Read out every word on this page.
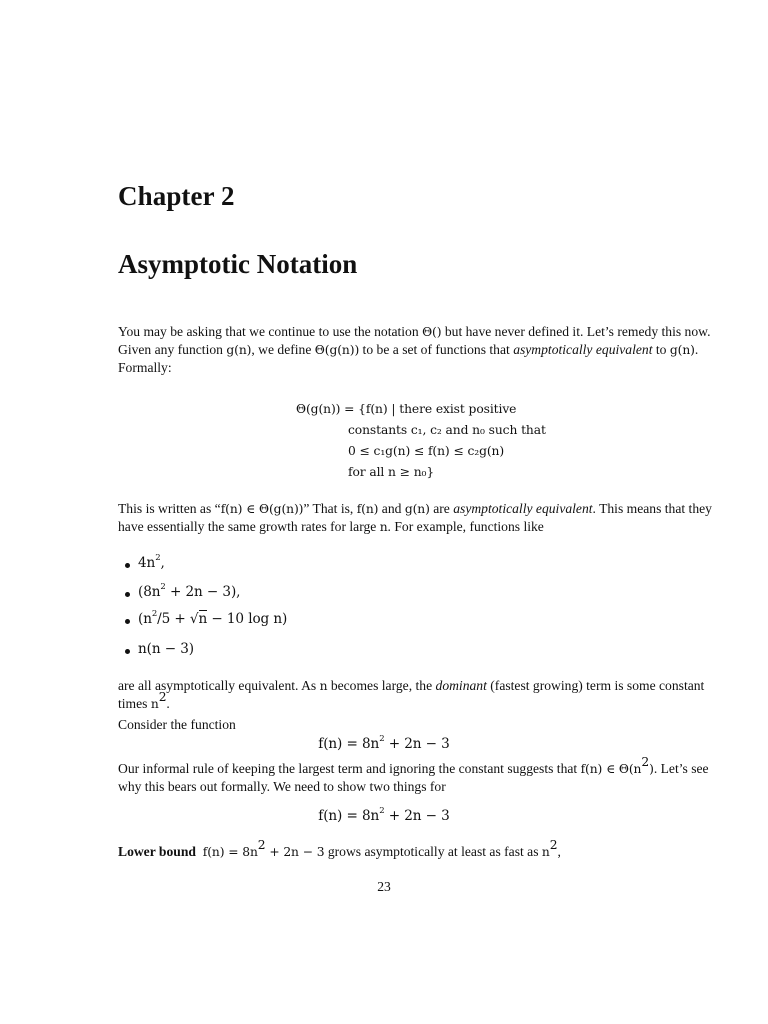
Chapter 2
Asymptotic Notation

You may be asking that we continue to use the notation Θ() but have never defined it. Let’s remedy this now. Given any function g(n), we define Θ(g(n)) to be a set of functions that asymptotically equivalent to g(n). Formally:

Θ(g(n)) = {f(n) | there exist positive
constants c₁, c₂ and n₀ such that
0 ≤ c₁g(n) ≤ f(n) ≤ c₂g(n)
for all n ≥ n₀}

This is written as “f(n) ∈ Θ(g(n))” That is, f(n) and g(n) are asymptotically equivalent. This means that they have essentially the same growth rates for large n. For example, functions like

$4n^2$,
$(8n^2 + 2n - 3)$,
($n^2/5 + √n - 10$ log n)
n(n − 3)

are all asymptotically equivalent. As n becomes large, the dominant (fastest growing) term is some constant times $n^2$.

Consider the function

$f(n) = 8n^2 + 2n - 3$

Our informal rule of keeping the largest term and ignoring the constant suggests that f(n) ∈ $\Theta(n^2)$. Let’s see why this bears out formally. We need to show two things for

$f(n) = 8n^2 + 2n - 3$

Lower bound $f(n) = 8n^2 + 2n - 3$ grows asymptotically at least as fast as $n^2$,

23
